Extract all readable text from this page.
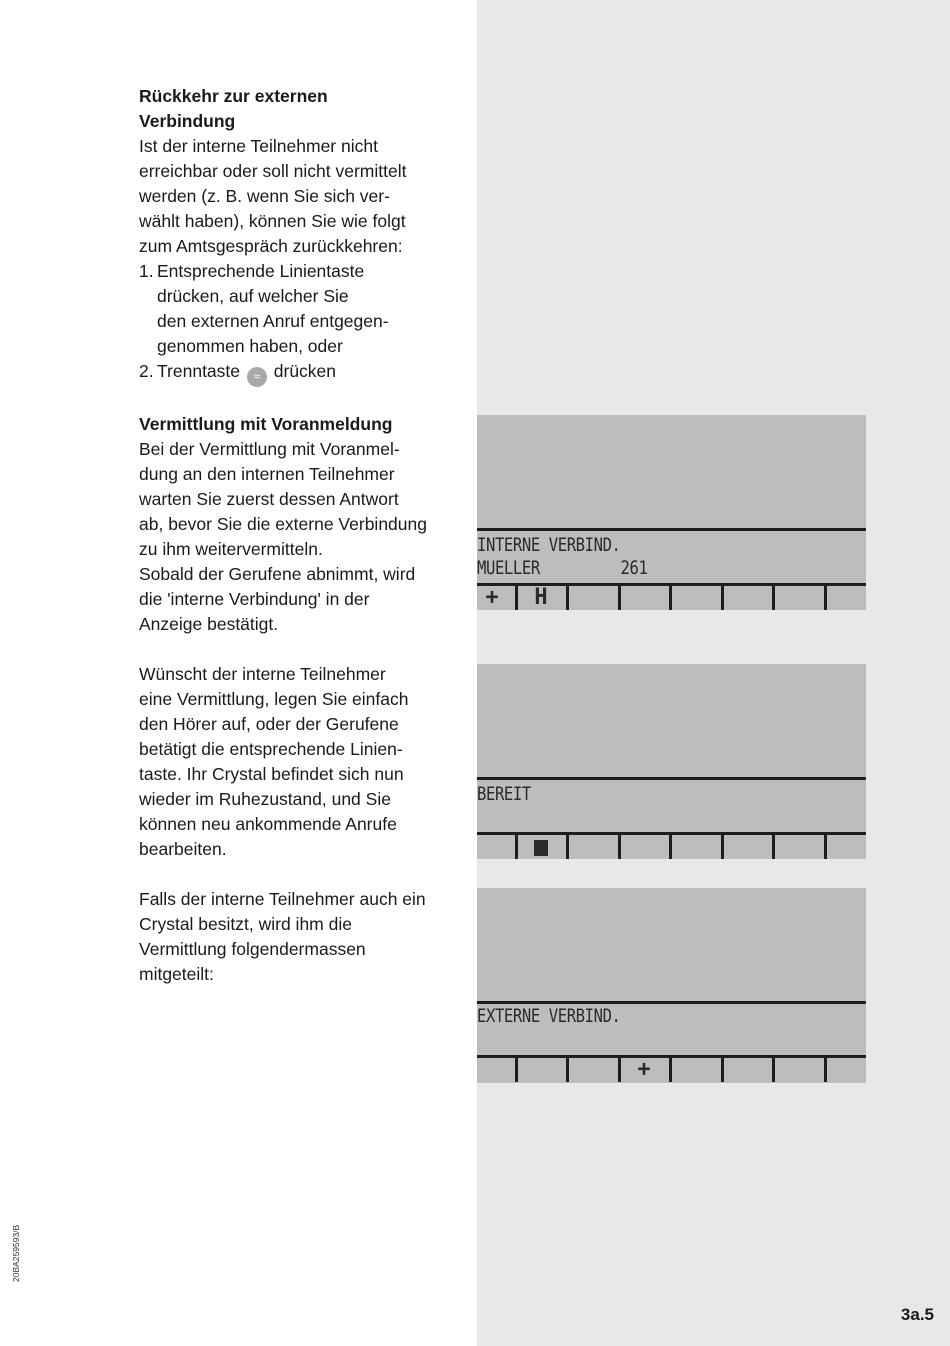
Rückkehr zur externen

Verbindung

Ist der interne Teilnehmer nicht

erreichbar oder soll nicht vermittelt

werden (z. B. wenn Sie sich ver-

wählt haben), können Sie wie folgt

zum Amtsgespräch zurückkehren:

1. Entsprechende Linientaste
drücken, auf welcher Sie
den externen Anruf entgegen-
genommen haben, oder
2. Trenntaste ≈ drücken

Vermittlung mit Voranmeldung

Bei der Vermittlung mit Voranmel-

dung an den internen Teilnehmer

warten Sie zuerst dessen Antwort

ab, bevor Sie die externe Verbindung

zu ihm weitervermitteln.

Sobald der Gerufene abnimmt, wird

die 'interne Verbindung' in der

Anzeige bestätigt.

Wünscht der interne Teilnehmer

eine Vermittlung, legen Sie einfach

den Hörer auf, oder der Gerufene

betätigt die entsprechende Linien-

taste. Ihr Crystal befindet sich nun

wieder im Ruhezustand, und Sie

können neu ankommende Anrufe

bearbeiten.

Falls der interne Teilnehmer auch ein

Crystal besitzt, wird ihm die

Vermittlung folgendermassen

mitgeteilt:

INTERNE VERBIND.
MUELLER         261
+	H
BEREIT
EXTERNE VERBIND.
+
20BA259593/B
3a.5
